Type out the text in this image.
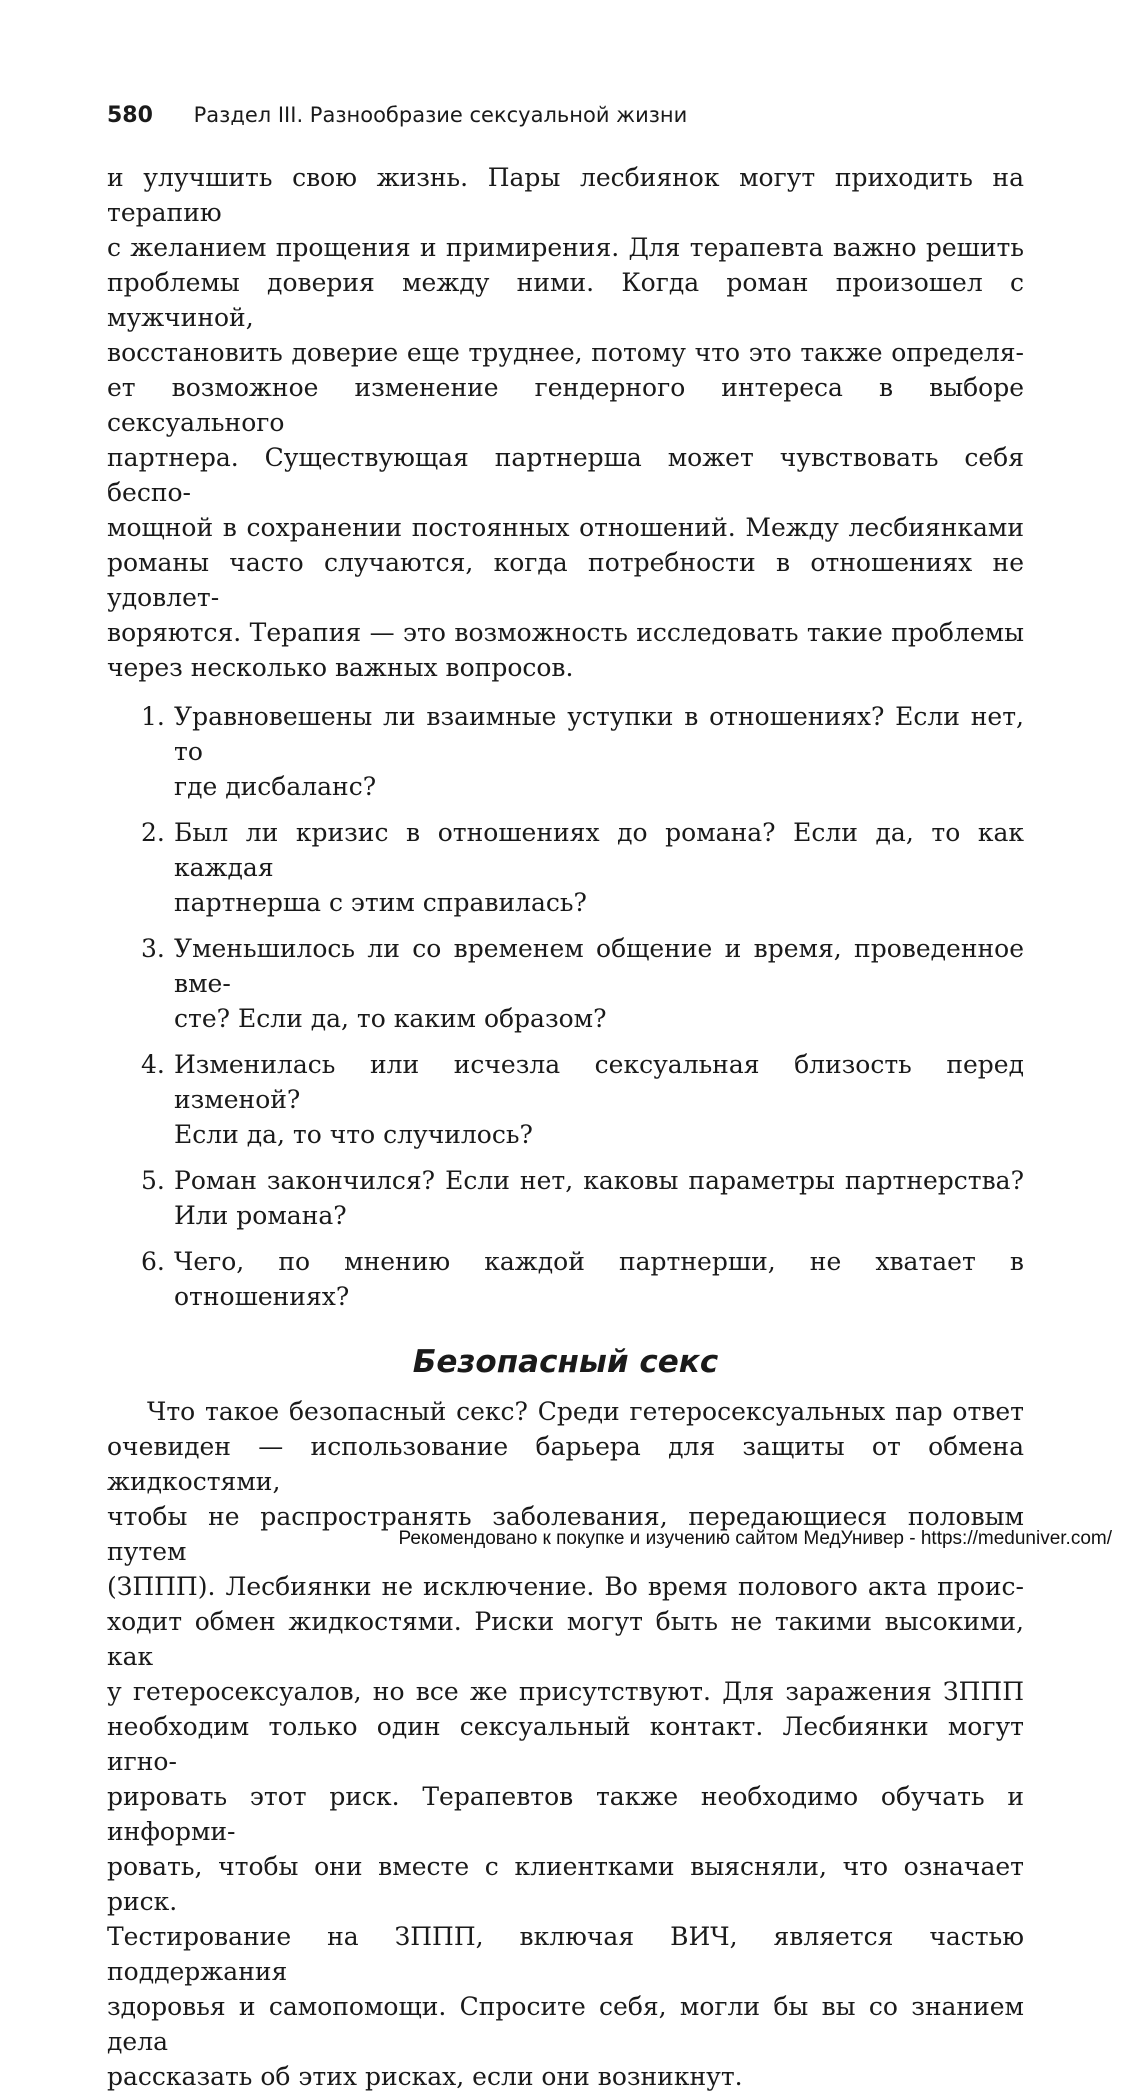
580 Раздел III. Разнообразие сексуальной жизни

и улучшить свою жизнь. Пары лесбиянок могут приходить на терапию
с желанием прощения и примирения. Для терапевта важно решить
проблемы доверия между ними. Когда роман произошел с мужчиной,
восстановить доверие еще труднее, потому что это также определя-
ет возможное изменение гендерного интереса в выборе сексуального
партнера. Существующая партнерша может чувствовать себя беспо-
мощной в сохранении постоянных отношений. Между лесбиянками
романы часто случаются, когда потребности в отношениях не удовлет-
воряются. Терапия — это возможность исследовать такие проблемы
через несколько важных вопросов.

1. Уравновешены ли взаимные уступки в отношениях? Если нет, то
где дисбаланс?
2. Был ли кризис в отношениях до романа? Если да, то как каждая
партнерша с этим справилась?
3. Уменьшилось ли со временем общение и время, проведенное вме-
сте? Если да, то каким образом?
4. Изменилась или исчезла сексуальная близость перед изменой?
Если да, то что случилось?
5. Роман закончился? Если нет, каковы параметры партнерства?
Или романа?
6. Чего, по мнению каждой партнерши, не хватает в отношениях?
Безопасный секс

Что такое безопасный секс? Среди гетеросексуальных пар ответ
очевиден — использование барьера для защиты от обмена жидкостями,
чтобы не распространять заболевания, передающиеся половым путем
(ЗППП). Лесбиянки не исключение. Во время полового акта проис-
ходит обмен жидкостями. Риски могут быть не такими высокими, как
у гетеросексуалов, но все же присутствуют. Для заражения ЗППП
необходим только один сексуальный контакт. Лесбиянки могут игно-
рировать этот риск. Терапевтов также необходимо обучать и информи-
ровать, чтобы они вместе с клиентками выясняли, что означает риск.
Тестирование на ЗППП, включая ВИЧ, является частью поддержания
здоровья и самопомощи. Спросите себя, могли бы вы со знанием дела
рассказать об этих рисках, если они возникнут.

Рекомендовано к покупке и изучению сайтом МедУнивер - https://meduniver.com/
